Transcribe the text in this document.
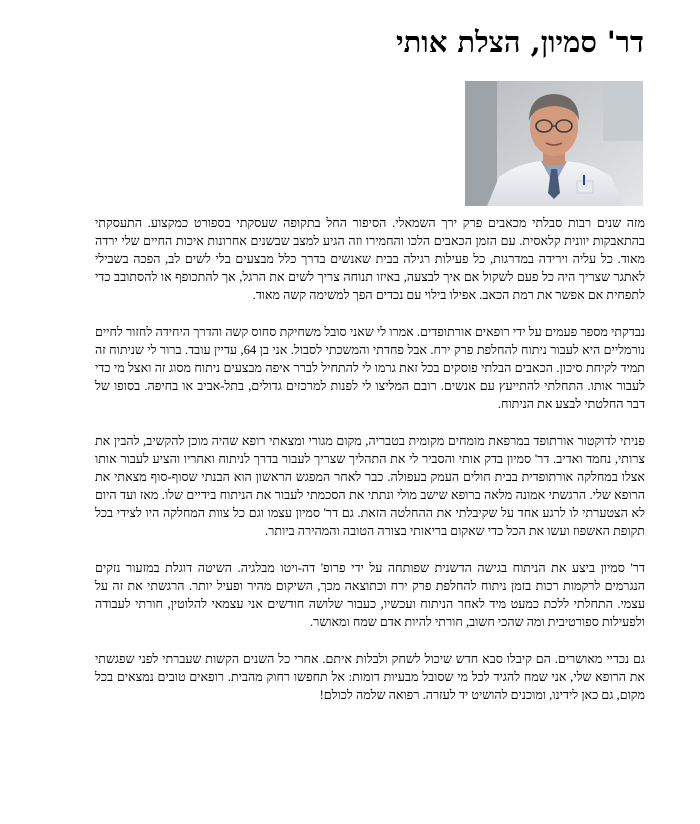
דר' סמיון, הצלת אותי

מזה שנים רבות סבלתי מכאבים פרק ירך השמאלי. הסיפור החל בתקופה שעסקתי בספורט כמקצוע. התעסקתי בהתאבקות יוונית קלאסית. עם הזמן הכאבים הלכו והחמירו וזה הגיע למצב שבשנים אחרונות איכות החיים שלי ירדה מאוד. כל עליה וירידה במדרגות, כל פעילות רגילה בבית שאנשים בדרך כלל מבצעים בלי לשים לב, הפכה בשבילי לאתגר שצריך היה כל פעם לשקול אם איך לבצעה, באיזו תנוחה צריך לשים את הרגל, אך להתכופף או להסתובב כדי לתפחית אם אפשר את רמת הכאב. אפילו בילוי עם נכדים הפך למשימה קשה מאוד.

נבדקתי מספר פעמים על ידי רופאים אורתופדים. אמרו לי שאני סובל משחיקת סחוס קשה והדרך היחידה לחזור לחיים נורמליים היא לעבור ניתוח להחלפת פרק ירח. אבל פחדתי והמשכתי לסבול. אני בן 64, עדיין עובד. ברור לי שניתוח זה תמיד לקיחת סיכון. הכאבים הבלתי פוסקים בכל זאת גרמו לי להתחיל לברר איפה מבצעים ניתוח מסוג זה ואצל מי כדי לעבור אותו. התחלתי להתייעץ עם אנשים. רובם המליצו לי לפנות למרכזים גדולים, בתל-אביב או בחיפה. בסופו של דבר החלטתי לבצע את הניתוח.

פניתי לדוקטור אורתופד במרפאת מומחים מקומית בטבריה, מקום מגורי ומצאתי רופא שהיה מוכן להקשיב, להבין את צרותי, נחמד ואדיב. דר' סמיון בדק אותי והסביר לי את התהליך שצריך לעבור בדרך לניתוח ואחריו והציע לעבור אותו אצלו במחלקה אורתופדית בבית חולים העמק בעפולה. כבר לאחר המפגש הראשון הוא הבנתי שסוף-סוף מצאתי את הרופא שלי. הרגשתי אמונה מלאה ברופא שישב מולי ונתתי את הסכמתי לעבור את הניתוח בידיים שלו. מאז ועד היום לא הצטערתי לו לרגע אחד על שקיבלתי את ההחלטה הזאת. גם דר' סמיון עצמו וגם כל צוות המחלקה היו לצידי בכל תקופת האשפוז ועשו את הכל כדי שאקום בריאותי בצורה הטובה והמהירה ביותר.

דר' סמיון ביצע את הניתוח בגישה הדשנית שפותחה על ידי פרופ' דה-ויטו מבלגיה. השיטה דוגלת במזעור נזקים הנגרמים לרקמות רכות בזמן ניתוח להחלפת פרק ירח וכתוצאה מכך, השיקום מהיר ופעיל יותר. הרגשתי את זה על עצמי. התחלתי ללכת כמעט מיד לאחר הניתוח ועכשיו, כעבור שלושה חודשים אני עצמאי להלוטין, חורתי לעבודה ולפעילות ספורטיבית ומה שהכי חשוב, חורתי להיות אדם שמח ומאושר.

גם נכדיי מאושרים. הם קיבלו סבא חדש שיכול לשחק ולבלות איתם. אחרי כל השנים הקשות שעברתי לפני שפגשתי את הרופא שלי, אני שמח להגיד לכל מי שסובל מבעיות דומות: אל תחפשו רחוק מהבית. רופאים טובים נמצאים בכל מקום, גם כאן לידינו, ומוכנים להושיט יד לעזרה. רפואה שלמה לכולם!
